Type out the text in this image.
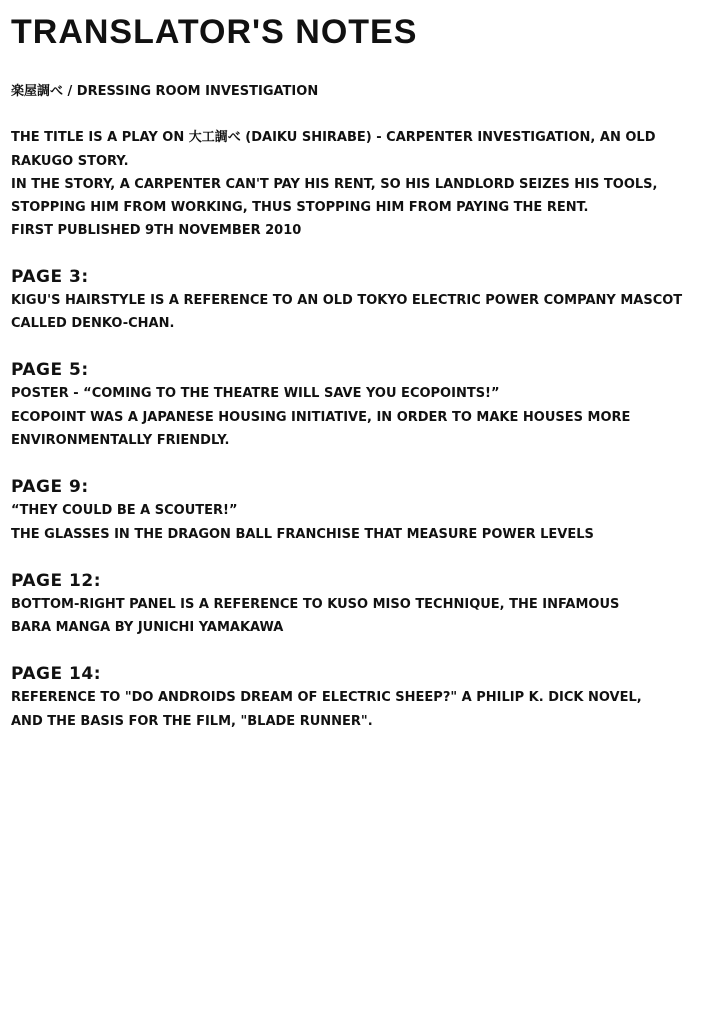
TRANSLATOR'S NOTES
楽屋調べ / DRESSING ROOM INVESTIGATION
THE TITLE IS A PLAY ON 大工調べ (DAIKU SHIRABE) - CARPENTER INVESTIGATION, AN OLD
RAKUGO STORY.
IN THE STORY, A CARPENTER CAN'T PAY HIS RENT, SO HIS LANDLORD SEIZES HIS TOOLS,
STOPPING HIM FROM WORKING, THUS STOPPING HIM FROM PAYING THE RENT.
FIRST PUBLISHED 9TH NOVEMBER 2010
PAGE 3:
KIGU'S HAIRSTYLE IS A REFERENCE TO AN OLD TOKYO ELECTRIC POWER COMPANY MASCOT
CALLED DENKO-CHAN.
PAGE 5:
POSTER - “COMING TO THE THEATRE WILL SAVE YOU ECOPOINTS!”
ECOPOINT WAS A JAPANESE HOUSING INITIATIVE, IN ORDER TO MAKE HOUSES MORE
ENVIRONMENTALLY FRIENDLY.
PAGE 9:
“THEY COULD BE A SCOUTER!”
THE GLASSES IN THE DRAGON BALL FRANCHISE THAT MEASURE POWER LEVELS
PAGE 12:
BOTTOM-RIGHT PANEL IS A REFERENCE TO KUSO MISO TECHNIQUE, THE INFAMOUS
BARA MANGA BY JUNICHI YAMAKAWA
PAGE 14:
REFERENCE TO "DO ANDROIDS DREAM OF ELECTRIC SHEEP?" A PHILIP K. DICK NOVEL,
AND THE BASIS FOR THE FILM, "BLADE RUNNER".
